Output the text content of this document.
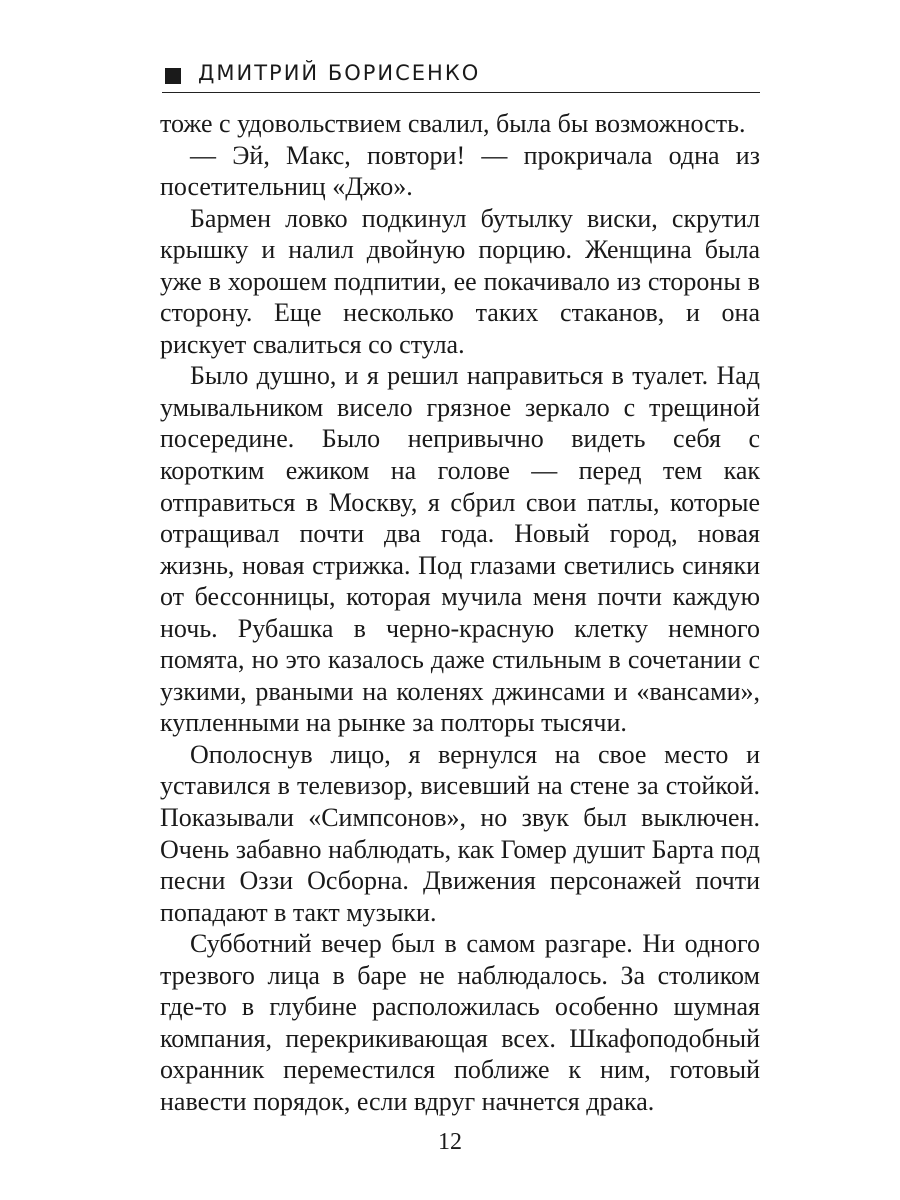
ДМИТРИЙ БОРИСЕНКО

тоже с удовольствием свалил, была бы возможность.

— Эй, Макс, повтори! — прокричала одна из посетительниц «Джо».

Бармен ловко подкинул бутылку виски, скрутил крышку и налил двойную порцию. Женщина была уже в хорошем подпитии, ее покачивало из стороны в сторону. Еще несколько таких стаканов, и она рискует свалиться со стула.

Было душно, и я решил направиться в туалет. Над умывальником висело грязное зеркало с трещиной посередине. Было непривычно видеть себя с коротким ежиком на голове — перед тем как отправиться в Москву, я сбрил свои патлы, которые отращивал почти два года. Новый город, новая жизнь, новая стрижка. Под глазами светились синяки от бессонницы, которая мучила меня почти каждую ночь. Рубашка в черно-красную клетку немного помята, но это казалось даже стильным в сочетании с узкими, рваными на коленях джинсами и «вансами», купленными на рынке за полторы тысячи.

Ополоснув лицо, я вернулся на свое место и уставился в телевизор, висевший на стене за стойкой. Показывали «Симпсонов», но звук был выключен. Очень забавно наблюдать, как Гомер душит Барта под песни Оззи Осборна. Движения персонажей почти попадают в такт музыки.

Субботний вечер был в самом разгаре. Ни одного трезвого лица в баре не наблюдалось. За столиком где-то в глубине расположилась особенно шумная компания, перекрикивающая всех. Шкафоподобный охранник переместился поближе к ним, готовый навести порядок, если вдруг начнется драка.

12
